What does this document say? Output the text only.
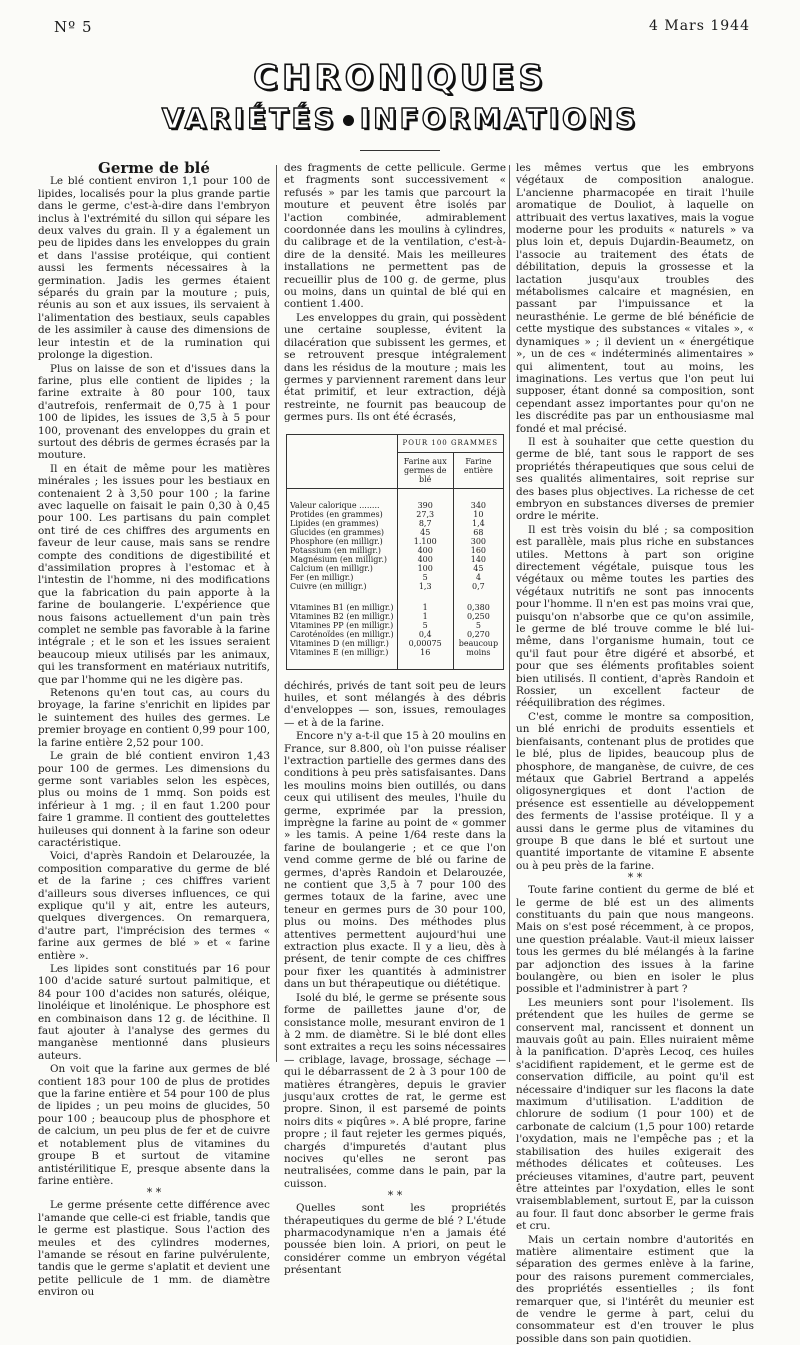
Nº 5	4 Mars 1944
CHRONIQUES
VARIÉTÉS INFORMATIONS

Germe de blé

Le blé contient environ 1,1 pour 100 de lipides, localisés pour la plus grande partie dans le germe, c'est-à-dire dans l'embryon inclus à l'extrémité du sillon qui sépare les deux valves du grain. Il y a également un peu de lipides dans les enveloppes du grain et dans l'assise protéique, qui contient aussi les ferments nécessaires à la germination. Jadis les germes étaient séparés du grain par la mouture ; puis, réunis au son et aux issues, ils servaient à l'alimentation des bestiaux, seuls capables de les assimiler à cause des dimensions de leur intestin et de la rumination qui prolonge la digestion.

Plus on laisse de son et d'issues dans la farine, plus elle contient de lipides ; la farine extraite à 80 pour 100, taux d'autrefois, renfermait de 0,75 à 1 pour 100 de lipides, les issues de 3,5 à 5 pour 100, provenant des enveloppes du grain et surtout des débris de germes écrasés par la mouture.

Il en était de même pour les matières minérales ; les issues pour les bestiaux en contenaient 2 à 3,50 pour 100 ; la farine avec laquelle on faisait le pain 0,30 à 0,45 pour 100. Les partisans du pain complet ont tiré de ces chiffres des arguments en faveur de leur cause, mais sans se rendre compte des conditions de digestibilité et d'assimilation propres à l'estomac et à l'intestin de l'homme, ni des modifications que la fabrication du pain apporte à la farine de boulangerie. L'expérience que nous faisons actuellement d'un pain très complet ne semble pas favorable à la farine intégrale ; et le son et les issues seraient beaucoup mieux utilisés par les animaux, qui les transforment en matériaux nutritifs, que par l'homme qui ne les digère pas.

Retenons qu'en tout cas, au cours du broyage, la farine s'enrichit en lipides par le suintement des huiles des germes. Le premier broyage en contient 0,99 pour 100, la farine entière 2,52 pour 100.

Le grain de blé contient environ 1,43 pour 100 de germes. Les dimensions du germe sont variables selon les espèces, plus ou moins de 1 mmq. Son poids est inférieur à 1 mg. ; il en faut 1.200 pour faire 1 gramme. Il contient des gouttelettes huileuses qui donnent à la farine son odeur caractéristique.

Voici, d'après Randoin et Delarouzée, la composition comparative du germe de blé et de la farine ; ces chiffres varient d'ailleurs sous diverses influences, ce qui explique qu'il y ait, entre les auteurs, quelques divergences. On remarquera, d'autre part, l'imprécision des termes « farine aux germes de blé » et « farine entière ».

Les lipides sont constitués par 16 pour 100 d'acide saturé surtout palmitique, et 84 pour 100 d'acides non saturés, oléique, linoléique et linolénique. Le phosphore est en combinaison dans 12 g. de lécithine. Il faut ajouter à l'analyse des germes du manganèse mentionné dans plusieurs auteurs.

On voit que la farine aux germes de blé contient 183 pour 100 de plus de protides que la farine entière et 54 pour 100 de plus de lipides ; un peu moins de glucides, 50 pour 100 ; beaucoup plus de phosphore et de calcium, un peu plus de fer et de cuivre et notablement plus de vitamines du groupe B et surtout de vitamine antistérilitique E, presque absente dans la farine entière.

* *

Le germe présente cette différence avec l'amande que celle-ci est friable, tandis que le germe est plastique. Sous l'action des meules et des cylindres modernes, l'amande se résout en farine pulvérulente, tandis que le germe s'aplatit et devient une petite pellicule de 1 mm. de diamètre environ ou

des fragments de cette pellicule. Germe et fragments sont successivement « refusés » par les tamis que parcourt la mouture et peuvent être isolés par l'action combinée, admirablement coordonnée dans les moulins à cylindres, du calibrage et de la ventilation, c'est-à-dire de la densité. Mais les meilleures installations ne permettent pas de recueillir plus de 100 g. de germe, plus ou moins, dans un quintal de blé qui en contient 1.400.

Les enveloppes du grain, qui possèdent une certaine souplesse, évitent la dilacération que subissent les germes, et se retrouvent presque intégralement dans les résidus de la mouture ; mais les germes y parviennent rarement dans leur état primitif, et leur extraction, déjà restreinte, ne fournit pas beaucoup de germes purs. Ils ont été écrasés,

	POUR 100 GRAMMES	
	Farine aux germes de blé	Farine entière

Valeur calorique ........	390	340
Protides (en grammes)	27,3	10
Lipides (en grammes)	8,7	1,4
Glucides (en grammes)	45	68
Phosphore (en milligr.)	1.100	300
Potassium (en milligr.)	400	160
Magnésium (en milligr.)	400	140
Calcium (en milligr.)	100	45
Fer (en milligr.)	5	4
Cuivre (en milligr.)	1,3	0,7

Vitamines B1 (en milligr.)	1	0,380
Vitamines B2 (en milligr.)	1	0,250
Vitamines PP (en milligr.)	5	5
Caroténoïdes (en milligr.)	0,4	0,270
Vitamines D (en milligr.)	0,00075	beaucoup
Vitamines E (en milligr.)	16	moins

déchirés, privés de tant soit peu de leurs huiles, et sont mélangés à des débris d'enveloppes — son, issues, remoulages — et à de la farine.

Encore n'y a-t-il que 15 à 20 moulins en France, sur 8.800, où l'on puisse réaliser l'extraction partielle des germes dans des conditions à peu près satisfaisantes. Dans les moulins moins bien outillés, ou dans ceux qui utilisent des meules, l'huile du germe, exprimée par la pression, imprègne la farine au point de « gommer » les tamis. A peine 1/64 reste dans la farine de boulangerie ; et ce que l'on vend comme germe de blé ou farine de germes, d'après Randoin et Delarouzée, ne contient que 3,5 à 7 pour 100 des germes totaux de la farine, avec une teneur en germes purs de 30 pour 100, plus ou moins. Des méthodes plus attentives permettent aujourd'hui une extraction plus exacte. Il y a lieu, dès à présent, de tenir compte de ces chiffres pour fixer les quantités à administrer dans un but thérapeutique ou diététique.

Isolé du blé, le germe se présente sous forme de paillettes jaune d'or, de consistance molle, mesurant environ de 1 à 2 mm. de diamètre. Si le blé dont elles sont extraites a reçu les soins nécessaires — criblage, lavage, brossage, séchage — qui le débarrassent de 2 à 3 pour 100 de matières étrangères, depuis le gravier jusqu'aux crottes de rat, le germe est propre. Sinon, il est parsemé de points noirs dits « piqûres ». A blé propre, farine propre ; il faut rejeter les germes piqués, chargés d'impuretés d'autant plus nocives qu'elles ne seront pas neutralisées, comme dans le pain, par la cuisson.

* *

Quelles sont les propriétés thérapeutiques du germe de blé ? L'étude pharmacodynamique n'en a jamais été poussée bien loin. A priori, on peut le considérer comme un embryon végétal présentant

les mêmes vertus que les embryons végétaux de composition analogue. L'ancienne pharmacopée en tirait l'huile aromatique de Douliot, à laquelle on attribuait des vertus laxatives, mais la vogue moderne pour les produits « naturels » va plus loin et, depuis Dujardin-Beaumetz, on l'associe au traitement des états de débilitation, depuis la grossesse et la lactation jusqu'aux troubles des métabolismes calcaire et magnésien, en passant par l'impuissance et la neurasthénie. Le germe de blé bénéficie de cette mystique des substances « vitales », « dynamiques » ; il devient un « énergétique », un de ces « indéterminés alimentaires » qui alimentent, tout au moins, les imaginations. Les vertus que l'on peut lui supposer, étant donné sa composition, sont cependant assez importantes pour qu'on ne les discrédite pas par un enthousiasme mal fondé et mal précisé.

Il est à souhaiter que cette question du germe de blé, tant sous le rapport de ses propriétés thérapeutiques que sous celui de ses qualités alimentaires, soit reprise sur des bases plus objectives. La richesse de cet embryon en substances diverses de premier ordre le mérite.

Il est très voisin du blé ; sa composition est parallèle, mais plus riche en substances utiles. Mettons à part son origine directement végétale, puisque tous les végétaux ou même toutes les parties des végétaux nutritifs ne sont pas innocents pour l'homme. Il n'en est pas moins vrai que, puisqu'on n'absorbe que ce qu'on assimile, le germe de blé trouve comme le blé lui-même, dans l'organisme humain, tout ce qu'il faut pour être digéré et absorbé, et pour que ses éléments profitables soient bien utilisés. Il contient, d'après Randoin et Rossier, un excellent facteur de rééquilibration des régimes.

C'est, comme le montre sa composition, un blé enrichi de produits essentiels et bienfaisants, contenant plus de protides que le blé, plus de lipides, beaucoup plus de phosphore, de manganèse, de cuivre, de ces métaux que Gabriel Bertrand a appelés oligosynergiques et dont l'action de présence est essentielle au développement des ferments de l'assise protéique. Il y a aussi dans le germe plus de vitamines du groupe B que dans le blé et surtout une quantité importante de vitamine E absente ou à peu près de la farine.

* *

Toute farine contient du germe de blé et le germe de blé est un des aliments constituants du pain que nous mangeons. Mais on s'est posé récemment, à ce propos, une question préalable. Vaut-il mieux laisser tous les germes du blé mélangés à la farine par adjonction des issues à la farine boulangère, ou bien en isoler le plus possible et l'administrer à part ?

Les meuniers sont pour l'isolement. Ils prétendent que les huiles de germe se conservent mal, rancissent et donnent un mauvais goût au pain. Elles nuiraient même à la panification. D'après Lecoq, ces huiles s'acidifient rapidement, et le germe est de conservation difficile, au point qu'il est nécessaire d'indiquer sur les flacons la date maximum d'utilisation. L'addition de chlorure de sodium (1 pour 100) et de carbonate de calcium (1,5 pour 100) retarde l'oxydation, mais ne l'empêche pas ; et la stabilisation des huiles exigerait des méthodes délicates et coûteuses. Les précieuses vitamines, d'autre part, peuvent être atteintes par l'oxydation, elles le sont vraisemblablement, surtout E, par la cuisson au four. Il faut donc absorber le germe frais et cru.

Mais un certain nombre d'autorités en matière alimentaire estiment que la séparation des germes enlève à la farine, pour des raisons purement commerciales, des propriétés essentielles ; ils font remarquer que, si l'intérêt du meunier est de vendre le germe à part, celui du consommateur est d'en trouver le plus possible dans son pain quotidien.
